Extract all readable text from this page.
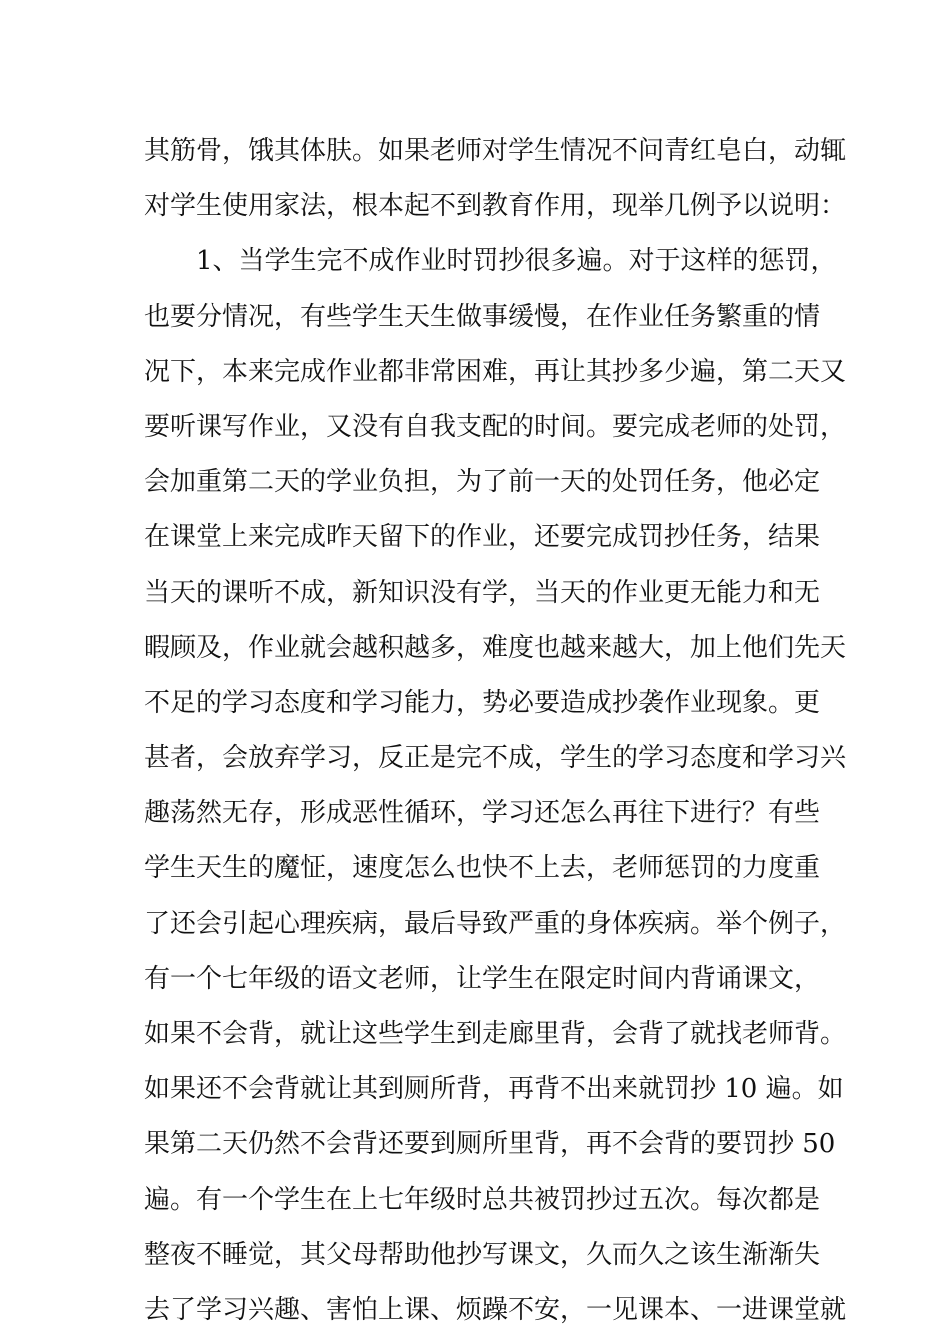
其筋骨，饿其体肤。如果老师对学生情况不问青红皂白，动辄
对学生使用家法，根本起不到教育作用，现举几例予以说明：
1、当学生完不成作业时罚抄很多遍。对于这样的惩罚，
也要分情况，有些学生天生做事缓慢，在作业任务繁重的情
况下，本来完成作业都非常困难，再让其抄多少遍，第二天又
要听课写作业，又没有自我支配的时间。要完成老师的处罚，
会加重第二天的学业负担，为了前一天的处罚任务，他必定
在课堂上来完成昨天留下的作业，还要完成罚抄任务，结果
当天的课听不成，新知识没有学，当天的作业更无能力和无
暇顾及，作业就会越积越多，难度也越来越大，加上他们先天
不足的学习态度和学习能力，势必要造成抄袭作业现象。更
甚者，会放弃学习，反正是完不成，学生的学习态度和学习兴
趣荡然无存，形成恶性循环，学习还怎么再往下进行？有些
学生天生的魔怔，速度怎么也快不上去，老师惩罚的力度重
了还会引起心理疾病，最后导致严重的身体疾病。举个例子，
有一个七年级的语文老师，让学生在限定时间内背诵课文，
如果不会背，就让这些学生到走廊里背，会背了就找老师背。
如果还不会背就让其到厕所背，再背不出来就罚抄 10 遍。如
果第二天仍然不会背还要到厕所里背，再不会背的要罚抄 50
遍。有一个学生在上七年级时总共被罚抄过五次。每次都是
整夜不睡觉，其父母帮助他抄写课文，久而久之该生渐渐失
去了学习兴趣、害怕上课、烦躁不安，一见课本、一进课堂就
